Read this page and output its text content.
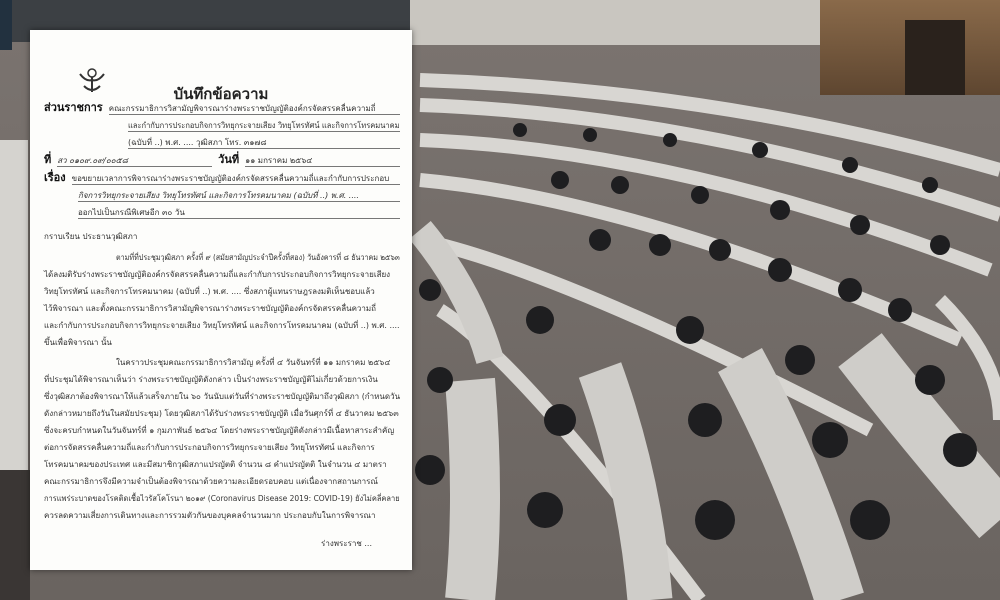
บันทึกข้อความ
ส่วนราชการ คณะกรรมาธิการวิสามัญพิจารณาร่างพระราชบัญญัติองค์กรจัดสรรคลื่นความถี่
และกำกับการประกอบกิจการวิทยุกระจายเสียง วิทยุโทรทัศน์ และกิจการโทรคมนาคม
(ฉบับที่ ..) พ.ศ. .... วุฒิสภา โทร. ๓๑๗๘
ที่ สว ๐๑๐๙.๐๙/๐๐๕๘	วันที่ ๑๑ มกราคม ๒๕๖๔
เรื่อง ขอขยายเวลาการพิจารณาร่างพระราชบัญญัติองค์กรจัดสรรคลื่นความถี่และกำกับการประกอบ
กิจการวิทยุกระจายเสียง วิทยุโทรทัศน์ และกิจการโทรคมนาคม (ฉบับที่ ..) พ.ศ. ....
ออกไปเป็นกรณีพิเศษอีก ๓๐ วัน
กราบเรียน ประธานวุฒิสภา
ตามที่ที่ประชุมวุฒิสภา ครั้งที่ ๙ (สมัยสามัญประจำปีครั้งที่สอง) วันอังคารที่ ๘ ธันวาคม ๒๕๖๓
ได้ลงมติรับร่างพระราชบัญญัติองค์กรจัดสรรคลื่นความถี่และกำกับการประกอบกิจการวิทยุกระจายเสียง
วิทยุโทรทัศน์ และกิจการโทรคมนาคม (ฉบับที่ ..) พ.ศ. .... ซึ่งสภาผู้แทนราษฎรลงมติเห็นชอบแล้ว
ไว้พิจารณา และตั้งคณะกรรมาธิการวิสามัญพิจารณาร่างพระราชบัญญัติองค์กรจัดสรรคลื่นความถี่
และกำกับการประกอบกิจการวิทยุกระจายเสียง วิทยุโทรทัศน์ และกิจการโทรคมนาคม (ฉบับที่ ..) พ.ศ. ....
ขึ้นเพื่อพิจารณา นั้น
ในคราวประชุมคณะกรรมาธิการวิสามัญ ครั้งที่ ๔ วันจันทร์ที่ ๑๑ มกราคม ๒๕๖๔
ที่ประชุมได้พิจารณาเห็นว่า ร่างพระราชบัญญัติดังกล่าว เป็นร่างพระราชบัญญัติไม่เกี่ยวด้วยการเงิน
ซึ่งวุฒิสภาต้องพิจารณาให้แล้วเสร็จภายใน ๖๐ วันนับแต่วันที่ร่างพระราชบัญญัติมาถึงวุฒิสภา (กำหนดวัน
ดังกล่าวหมายถึงวันในสมัยประชุม) โดยวุฒิสภาได้รับร่างพระราชบัญญัติ เมื่อวันศุกร์ที่ ๔ ธันวาคม ๒๕๖๓
ซึ่งจะครบกำหนดในวันจันทร์ที่ ๑ กุมภาพันธ์ ๒๕๖๔ โดยร่างพระราชบัญญัติดังกล่าวมีเนื้อหาสาระสำคัญ
ต่อการจัดสรรคลื่นความถี่และกำกับการประกอบกิจการวิทยุกระจายเสียง วิทยุโทรทัศน์ และกิจการ
โทรคมนาคมของประเทศ และมีสมาชิกวุฒิสภาแปรญัตติ จำนวน ๘ คำแปรญัตติ ในจำนวน ๔ มาตรา
คณะกรรมาธิการจึงมีความจำเป็นต้องพิจารณาด้วยความละเอียดรอบคอบ แต่เนื่องจากสถานการณ์
การแพร่ระบาดของโรคติดเชื้อไวรัสโคโรนา ๒๐๑๙ (Coronavirus Disease 2019: COVID-19) ยังไม่คลี่คลาย
ควรลดความเสี่ยงการเดินทางและการรวมตัวกันของบุคคลจำนวนมาก ประกอบกับในการพิจารณา
ร่างพระราช ...
